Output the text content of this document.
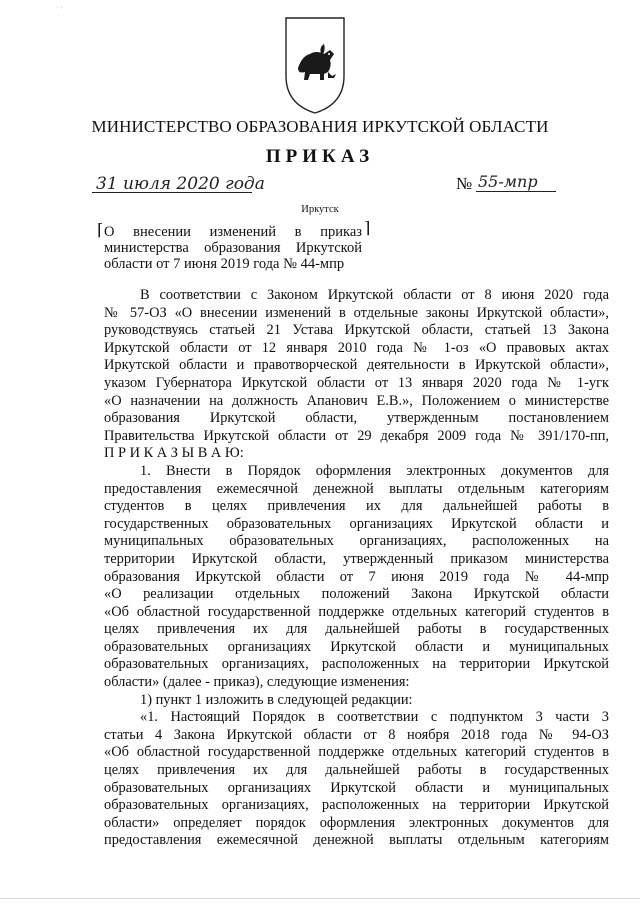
˙ ˙
˙
МИНИСТЕРСТВО ОБРАЗОВАНИЯ ИРКУТСКОЙ ОБЛАСТИ
ПРИКАЗ
31 июля 2020 года	№ 55-мпр
Иркутск
⌈	⌉
О внесении изменений в приказ министерства образования Иркутской области от 7 июня 2019 года № 44-мпр

В соответствии с Законом Иркутской области от 8 июня 2020 года

№ 57-ОЗ «О внесении изменений в отдельные законы Иркутской области»,

руководствуясь статьей 21 Устава Иркутской области, статьей 13 Закона

Иркутской области от 12 января 2010 года № 1-оз «О правовых актах

Иркутской области и правотворческой деятельности в Иркутской области»,

указом Губернатора Иркутской области от 13 января 2020 года № 1-угк

«О назначении на должность Апанович Е.В.», Положением о министерстве

образования Иркутской области, утвержденным постановлением

Правительства Иркутской области от 29 декабря 2009 года № 391/170-пп,

П Р И К А З Ы В А Ю:

1. Внести в Порядок оформления электронных документов для

предоставления ежемесячной денежной выплаты отдельным категориям

студентов в целях привлечения их для дальнейшей работы в

государственных образовательных организациях Иркутской области и

муниципальных образовательных организациях, расположенных на

территории Иркутской области, утвержденный приказом министерства

образования Иркутской области от 7 июня 2019 года № 44-мпр

«О реализации отдельных положений Закона Иркутской области

«Об областной государственной поддержке отдельных категорий студентов в

целях привлечения их для дальнейшей работы в государственных

образовательных организациях Иркутской области и муниципальных

образовательных организациях, расположенных на территории Иркутской

области» (далее - приказ), следующие изменения:

1) пункт 1 изложить в следующей редакции:

«1. Настоящий Порядок в соответствии с подпунктом 3 части 3

статьи 4 Закона Иркутской области от 8 ноября 2018 года № 94-ОЗ

«Об областной государственной поддержке отдельных категорий студентов в

целях привлечения их для дальнейшей работы в государственных

образовательных организациях Иркутской области и муниципальных

образовательных организациях, расположенных на территории Иркутской

области» определяет порядок оформления электронных документов для

предоставления ежемесячной денежной выплаты отдельным категориям
